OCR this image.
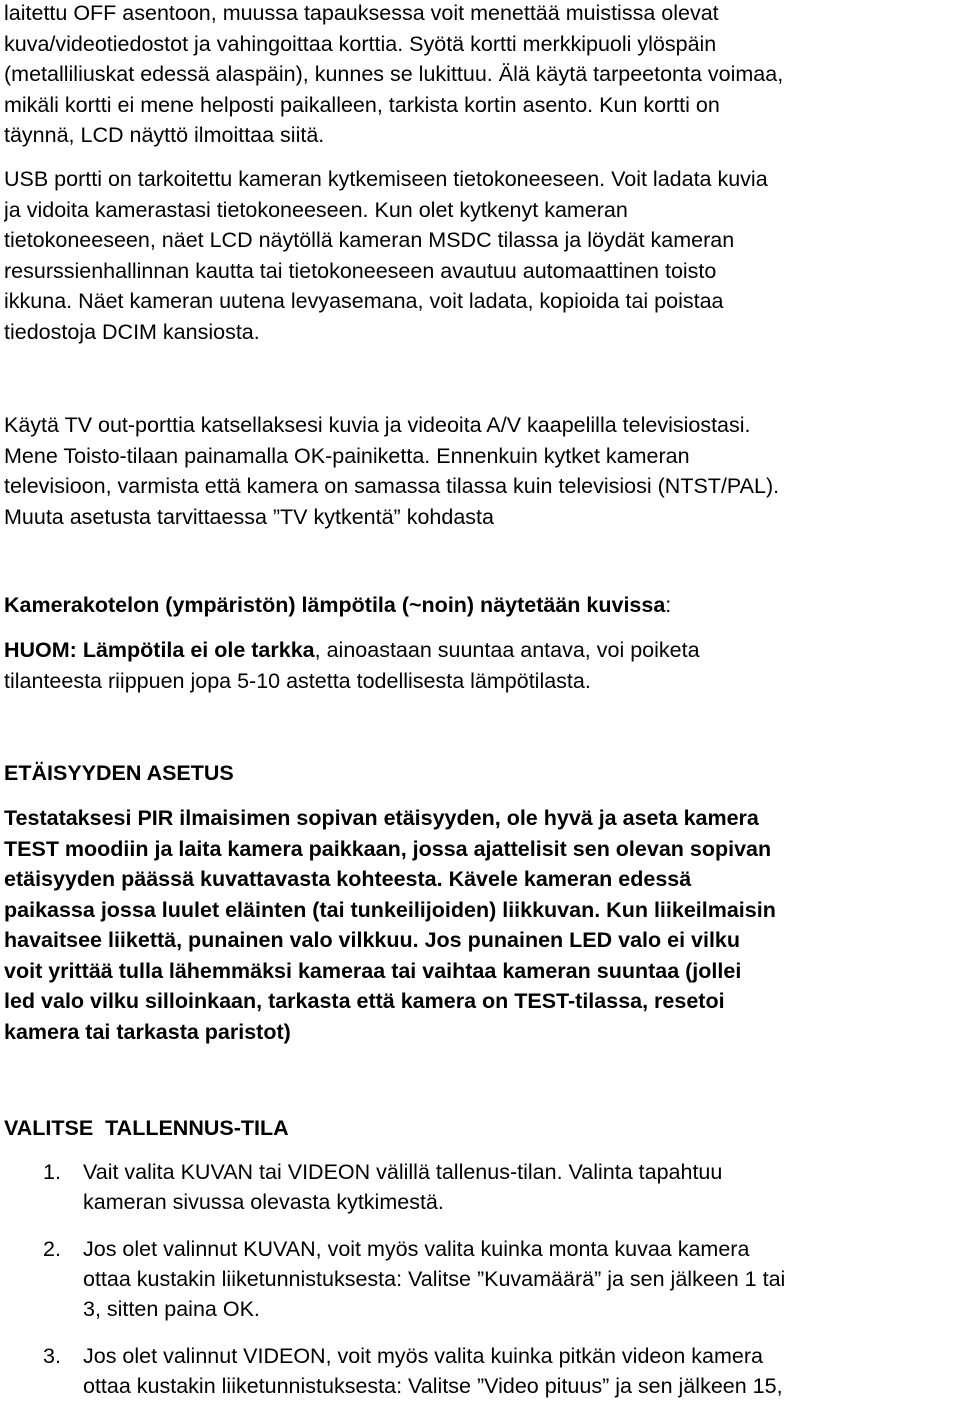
laitettu OFF asentoon, muussa tapauksessa voit menettää muistissa olevat
kuva/videotiedostot ja vahingoittaa korttia. Syötä kortti merkkipuoli ylöspäin
(metalliliuskat edessä alaspäin), kunnes se lukittuu. Älä käytä tarpeetonta voimaa,
mikäli kortti ei mene helposti paikalleen, tarkista kortin asento. Kun kortti on
täynnä, LCD näyttö ilmoittaa siitä.
USB portti on tarkoitettu kameran kytkemiseen tietokoneeseen. Voit ladata kuvia
ja vidoita kamerastasi tietokoneeseen. Kun olet kytkenyt kameran
tietokoneeseen, näet LCD näytöllä kameran MSDC tilassa ja löydät kameran
resurssienhallinnan kautta tai tietokoneeseen avautuu automaattinen toisto
ikkuna. Näet kameran uutena levyasemana, voit ladata, kopioida tai poistaa
tiedostoja DCIM kansiosta.
Käytä TV out-porttia katsellaksesi kuvia ja videoita A/V kaapelilla televisiostasi.
Mene Toisto-tilaan painamalla OK-painiketta. Ennenkuin kytket kameran
televisioon, varmista että kamera on samassa tilassa kuin televisiosi (NTST/PAL).
Muuta asetusta tarvittaessa ”TV kytkentä” kohdasta
Kamerakotelon (ympäristön) lämpötila (~noin) näytetään kuvissa:
HUOM: Lämpötila ei ole tarkka, ainoastaan suuntaa antava, voi poiketa
tilanteesta riippuen jopa 5-10 astetta todellisesta lämpötilasta.
ETÄISYYDEN ASETUS
Testataksesi PIR ilmaisimen sopivan etäisyyden, ole hyvä ja aseta kamera
TEST moodiin ja laita kamera paikkaan, jossa ajattelisit sen olevan sopivan
etäisyyden päässä kuvattavasta kohteesta. Kävele kameran edessä
paikassa jossa luulet eläinten (tai tunkeilijoiden) liikkuvan. Kun liikeilmaisin
havaitsee liikettä, punainen valo vilkkuu. Jos punainen LED valo ei vilku
voit yrittää tulla lähemmäksi kameraa tai vaihtaa kameran suuntaa (jollei
led valo vilku silloinkaan, tarkasta että kamera on TEST-tilassa, resetoi
kamera tai tarkasta paristot)
VALITSE  TALLENNUS-TILA
1. Vait valita KUVAN tai VIDEON välillä tallenus-tilan. Valinta tapahtuu
kameran sivussa olevasta kytkimestä.
2. Jos olet valinnut KUVAN, voit myös valita kuinka monta kuvaa kamera
ottaa kustakin liiketunnistuksesta: Valitse ”Kuvamäärä” ja sen jälkeen 1 tai
3, sitten paina OK.
3. Jos olet valinnut VIDEON, voit myös valita kuinka pitkän videon kamera
ottaa kustakin liiketunnistuksesta: Valitse ”Video pituus” ja sen jälkeen 15,
